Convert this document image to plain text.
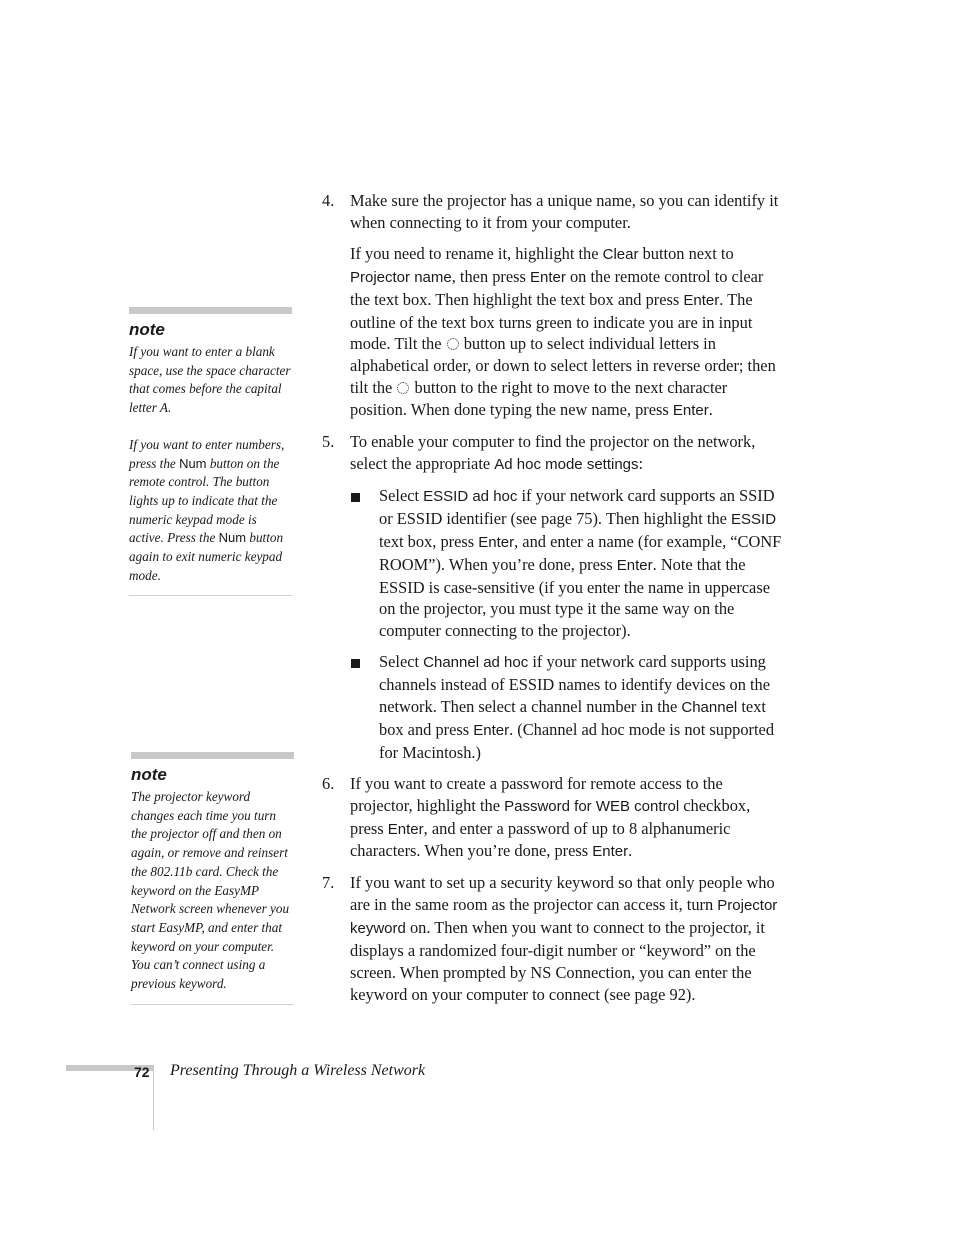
note

If you want to enter a blank space, use the space character that comes before the capital letter A.

If you want to enter numbers, press the Num button on the remote control. The button lights up to indicate that the numeric keypad mode is active. Press the Num button again to exit numeric keypad mode.

note

The projector keyword changes each time you turn the projector off and then on again, or remove and reinsert the 802.11b card. Check the keyword on the EasyMP Network screen whenever you start EasyMP, and enter that keyword on your computer. You can’t connect using a previous keyword.

4. Make sure the projector has a unique name, so you can identify it when connecting to it from your computer.

If you need to rename it, highlight the Clear button next to Projector name, then press Enter on the remote control to clear the text box. Then highlight the text box and press Enter. The outline of the text box turns green to indicate you are in input mode. Tilt the  button up to select individual letters in alphabetical order, or down to select letters in reverse order; then tilt the  button to the right to move to the next character position. When done typing the new name, press Enter.

5. To enable your computer to find the projector on the network, select the appropriate Ad hoc mode settings:

Select ESSID ad hoc if your network card supports an SSID or ESSID identifier (see page 75). Then highlight the ESSID text box, press Enter, and enter a name (for example, “CONF ROOM”). When you’re done, press Enter. Note that the ESSID is case-sensitive (if you enter the name in uppercase on the projector, you must type it the same way on the computer connecting to the projector).
Select Channel ad hoc if your network card supports using channels instead of ESSID names to identify devices on the network. Then select a channel number in the Channel text box and press Enter. (Channel ad hoc mode is not supported for Macintosh.)
6. If you want to create a password for remote access to the projector, highlight the Password for WEB control checkbox, press Enter, and enter a password of up to 8 alphanumeric characters. When you’re done, press Enter.

7. If you want to set up a security keyword so that only people who are in the same room as the projector can access it, turn Projector keyword on. Then when you want to connect to the projector, it displays a randomized four-digit number or “keyword” on the screen. When prompted by NS Connection, you can enter the keyword on your computer to connect (see page 92).

72 Presenting Through a Wireless Network
